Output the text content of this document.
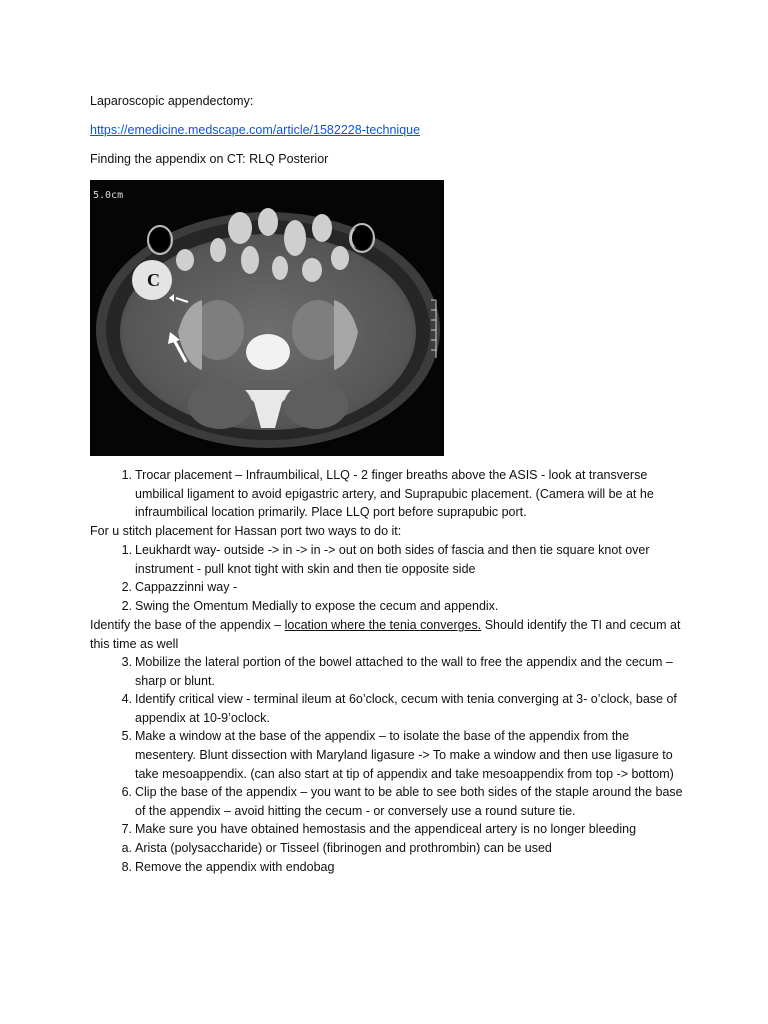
Laparoscopic appendectomy:
https://emedicine.medscape.com/article/1582228-technique
Finding the appendix on CT: RLQ Posterior
5.0cm
C
1. Trocar placement – Infraumbilical, LLQ - 2 finger breaths above the ASIS - look at transverse umbilical ligament to avoid epigastric artery, and Suprapubic placement. (Camera will be at he infraumbilical location primarily. Place LLQ port before suprapubic port.
For u stitch placement for Hassan port two ways to do it:
1. Leukhardt way- outside -> in -> in -> out on both sides of fascia and then tie square knot over instrument - pull knot tight with skin and then tie opposite side
2. Cappazzinni way -
2. Swing the Omentum Medially to expose the cecum and appendix.
Identify the base of the appendix – location where the tenia converges. Should identify the TI and cecum at this time as well
3. Mobilize the lateral portion of the bowel attached to the wall to free the appendix and the cecum – sharp or blunt.
4. Identify critical view - terminal ileum at 6o’clock, cecum with tenia converging at 3- o’clock, base of appendix at 10-9’oclock.
5. Make a window at the base of the appendix – to isolate the base of the appendix from the mesentery. Blunt dissection with Maryland ligasure -> To make a window and then use ligasure to take mesoappendix. (can also start at tip of appendix and take mesoappendix from top -> bottom)
6. Clip the base of the appendix – you want to be able to see both sides of the staple around the base of the appendix – avoid hitting the cecum - or conversely use a round suture tie.
7. Make sure you have obtained hemostasis and the appendiceal artery is no longer bleeding
a. Arista (polysaccharide) or Tisseel (fibrinogen and prothrombin) can be used
8. Remove the appendix with endobag
